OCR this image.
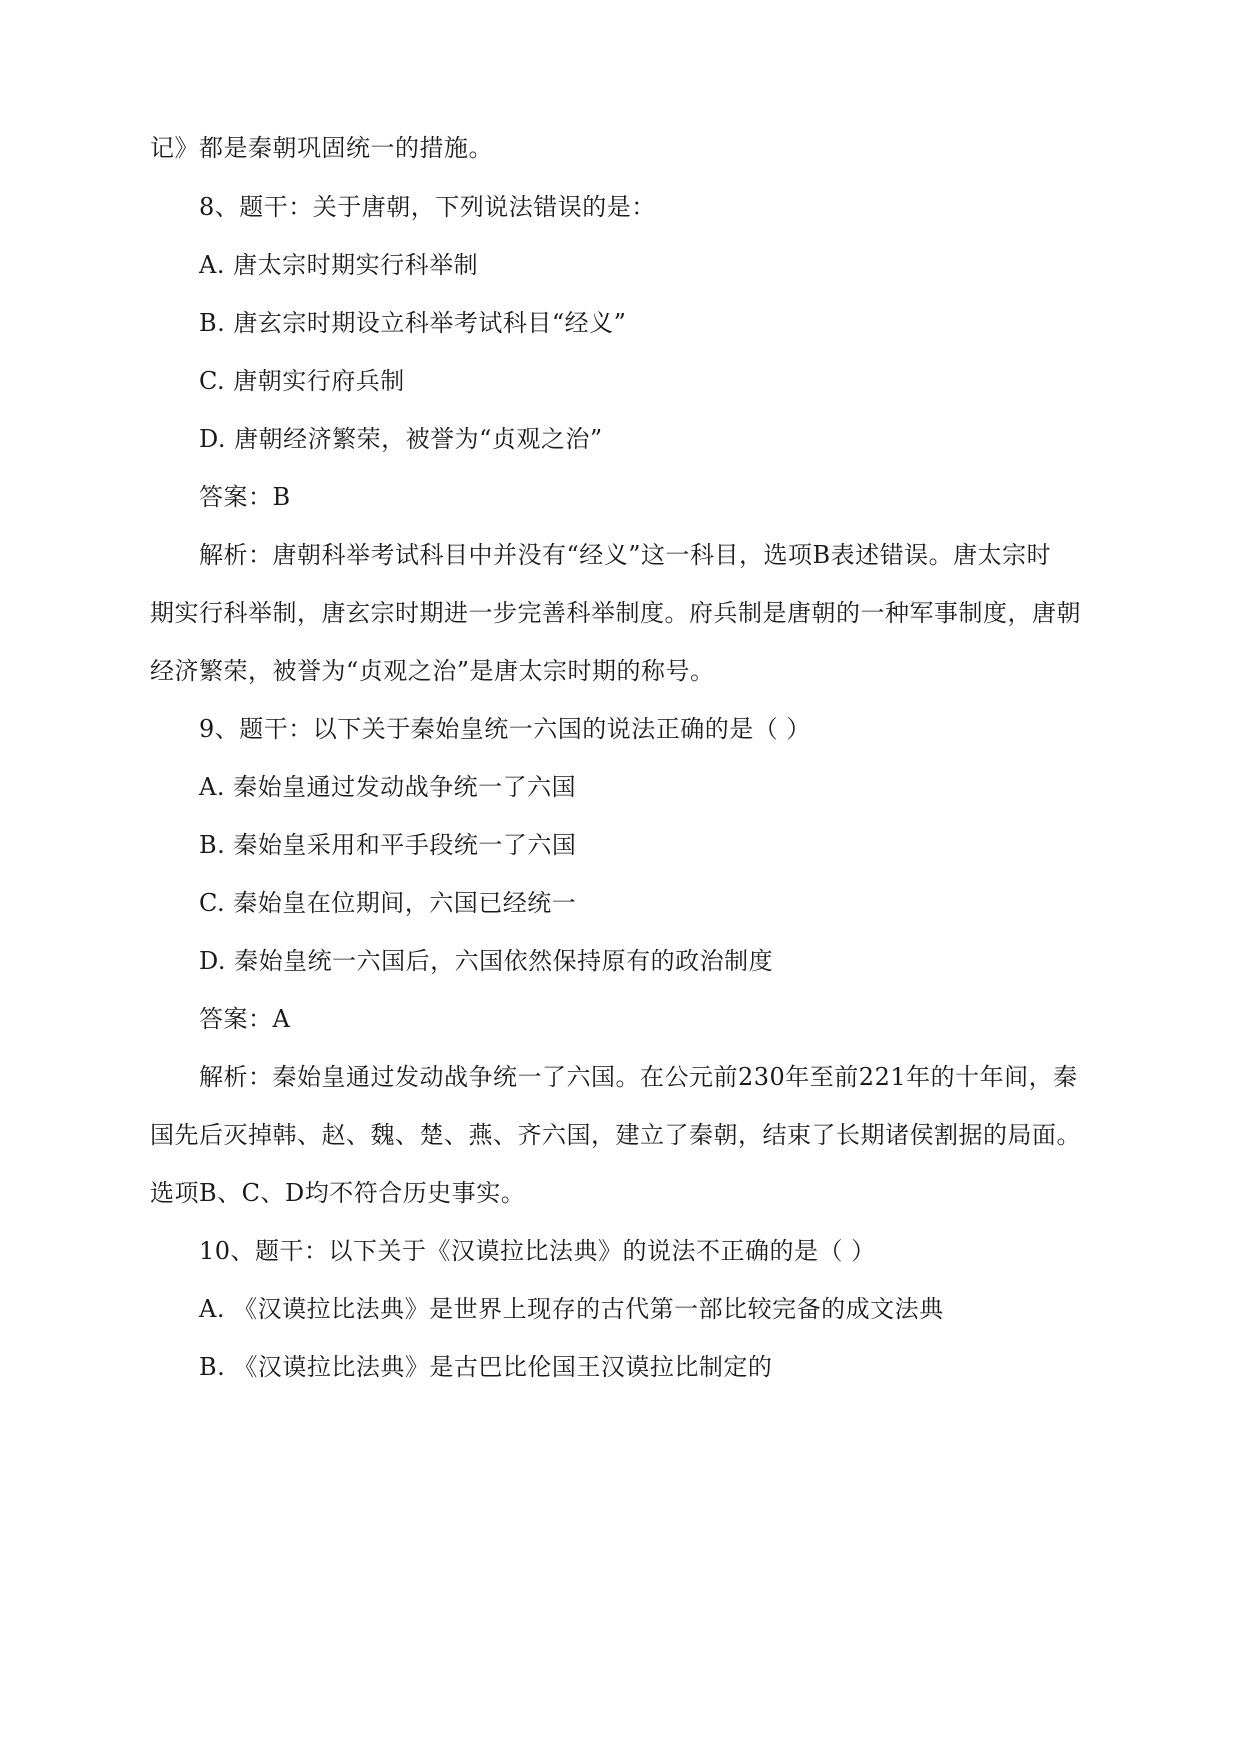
记》都是秦朝巩固统一的措施。
8、题干：关于唐朝，下列说法错误的是：
A. 唐太宗时期实行科举制
B. 唐玄宗时期设立科举考试科目“经义”
C. 唐朝实行府兵制
D. 唐朝经济繁荣，被誉为“贞观之治”
答案：B
解析：唐朝科举考试科目中并没有“经义”这一科目，选项B表述错误。唐太宗时
期实行科举制，唐玄宗时期进一步完善科举制度。府兵制是唐朝的一种军事制度，唐朝
经济繁荣，被誉为“贞观之治”是唐太宗时期的称号。
9、题干：以下关于秦始皇统一六国的说法正确的是（ ）
A. 秦始皇通过发动战争统一了六国
B. 秦始皇采用和平手段统一了六国
C. 秦始皇在位期间，六国已经统一
D. 秦始皇统一六国后，六国依然保持原有的政治制度
答案：A
解析：秦始皇通过发动战争统一了六国。在公元前230年至前221年的十年间，秦
国先后灭掉韩、赵、魏、楚、燕、齐六国，建立了秦朝，结束了长期诸侯割据的局面。
选项B、C、D均不符合历史事实。
10、题干：以下关于《汉谟拉比法典》的说法不正确的是（ ）
A. 《汉谟拉比法典》是世界上现存的古代第一部比较完备的成文法典
B. 《汉谟拉比法典》是古巴比伦国王汉谟拉比制定的
